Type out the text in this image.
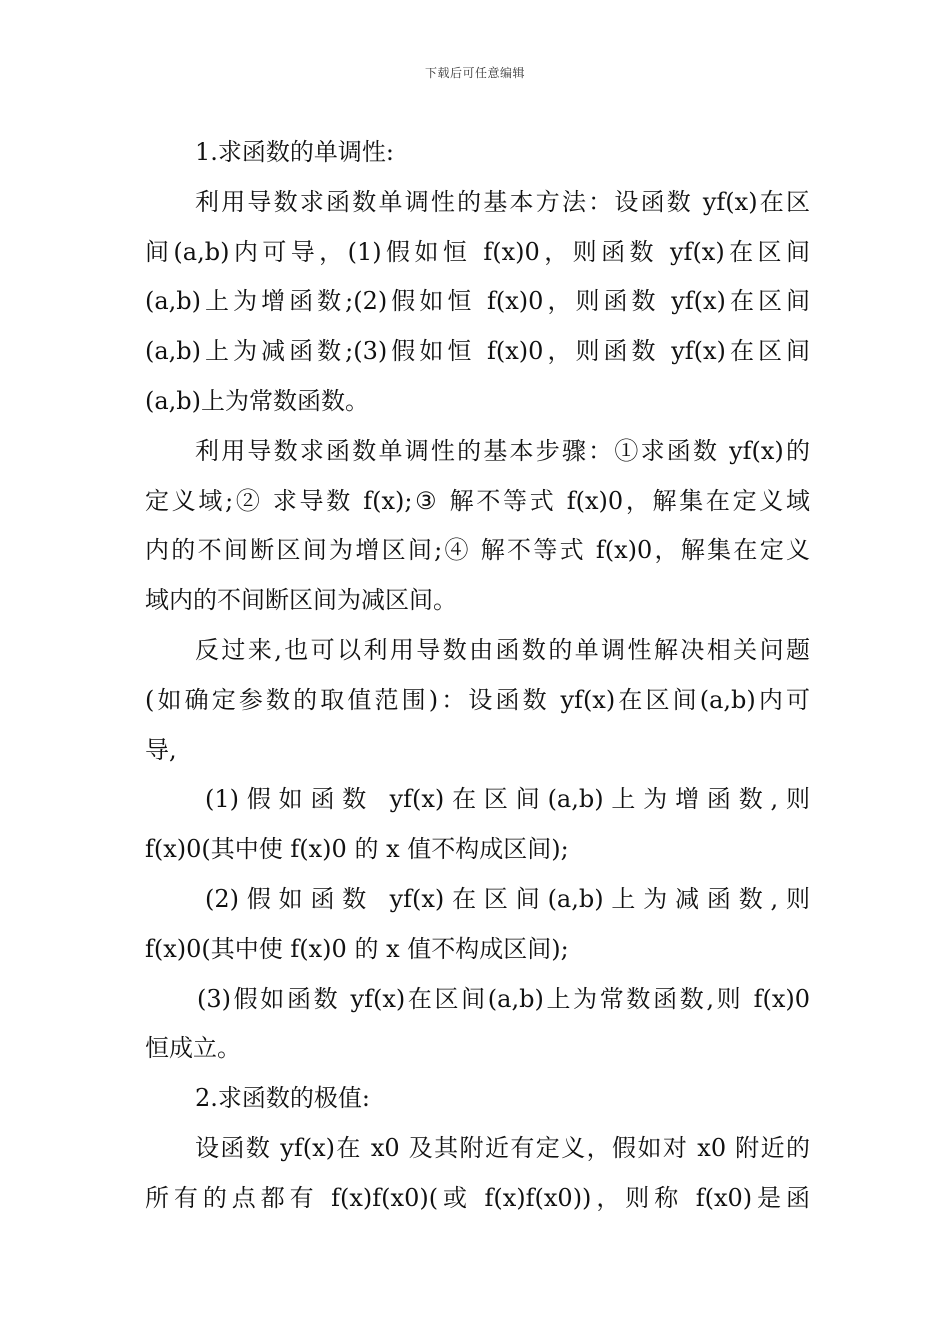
下载后可任意编辑
1.求函数的单调性:
利用导数求函数单调性的基本方法：设函数 yf(x)在区
间(a,b)内可导，(1)假如恒 f(x)0，则函数 yf(x)在区间
(a,b)上为增函数;(2)假如恒 f(x)0，则函数 yf(x)在区间
(a,b)上为减函数;(3)假如恒 f(x)0，则函数 yf(x)在区间
(a,b)上为常数函数。
利用导数求函数单调性的基本步骤：①求函数 yf(x)的
定义域;② 求导数 f(x);③ 解不等式 f(x)0，解集在定义域
内的不间断区间为增区间;④ 解不等式 f(x)0，解集在定义
域内的不间断区间为减区间。
反过来,也可以利用导数由函数的单调性解决相关问题
(如确定参数的取值范围)：设函数 yf(x)在区间(a,b)内可
导,
(1)假如函数 yf(x)在区间(a,b)上为增函数,则
f(x)0(其中使 f(x)0 的 x 值不构成区间);
(2)假如函数 yf(x)在区间(a,b)上为减函数,则
f(x)0(其中使 f(x)0 的 x 值不构成区间);
(3)假如函数 yf(x)在区间(a,b)上为常数函数,则 f(x)0
恒成立。
2.求函数的极值:
设函数 yf(x)在 x0 及其附近有定义，假如对 x0 附近的
所有的点都有 f(x)f(x0)(或 f(x)f(x0))，则称 f(x0)是函
